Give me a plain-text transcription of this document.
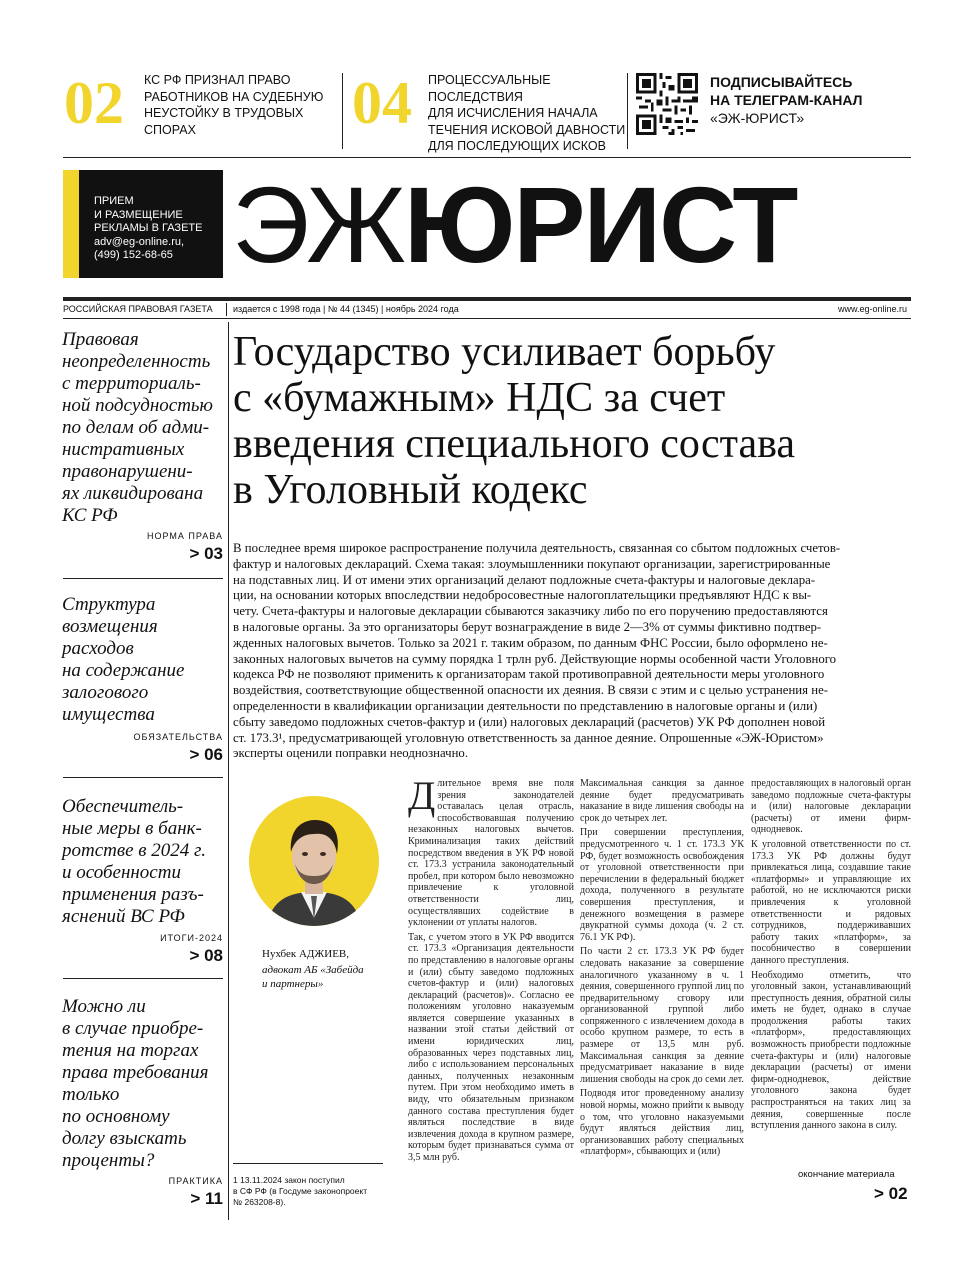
02 КС РФ ПРИЗНАЛ ПРАВО
РАБОТНИКОВ НА СУДЕБНУЮ
НЕУСТОЙКУ В ТРУДОВЫХ
СПОРАХ	04 ПРОЦЕССУАЛЬНЫЕ ПОСЛЕДСТВИЯ
ДЛЯ ИСЧИСЛЕНИЯ НАЧАЛА
ТЕЧЕНИЯ ИСКОВОЙ ДАВНОСТИ
ДЛЯ ПОСЛЕДУЮЩИХ ИСКОВ
ПОДПИСЫВАЙТЕСЬ
НА ТЕЛЕГРАМ-КАНАЛ
«ЭЖ-ЮРИСТ»
ПРИЕМ
И РАЗМЕЩЕНИЕ
РЕКЛАМЫ В ГАЗЕТЕ
adv@eg-online.ru,
(499) 152-68-65 ЭЖЮРИСТ
РОССИЙСКАЯ ПРАВОВАЯ ГАЗЕТА издается с 1998 года | № 44 (1345) | ноябрь 2024 года	www.eg-online.ru
Правовая
неопределенность
с территориаль-
ной подсудностью
по делам об адми-
нистративных
правонарушени-
ях ликвидирована
КС РФ
НОРМА ПРАВА
> 03
Структура
возмещения
расходов
на содержание
залогового
имущества
ОБЯЗАТЕЛЬСТВА
> 06
Обеспечитель-
ные меры в банк-
ротстве в 2024 г.
и особенности
применения разъ-
яснений ВС РФ
ИТОГИ-2024
> 08
Можно ли
в случае приобре-
тения на торгах
права требования
только
по основному
долгу взыскать
проценты?
ПРАКТИКА
> 11
Государство усиливает борьбу
с «бумажным» НДС за счет
введения специального состава
в Уголовный кодекс
В последнее время широкое распространение получила деятельность, связанная со сбытом подложных счетов-
фактур и налоговых деклараций. Схема такая: злоумышленники покупают организации, зарегистрированные
на подставных лиц. И от имени этих организаций делают подложные счета-фактуры и налоговые деклара-
ции, на основании которых впоследствии недобросовестные налогоплательщики предъявляют НДС к вы-
чету. Счета-фактуры и налоговые декларации сбываются заказчику либо по его поручению предоставляются
в налоговые органы. За это организаторы берут вознаграждение в виде 2—3% от суммы фиктивно подтвер-
жденных налоговых вычетов. Только за 2021 г. таким образом, по данным ФНС России, было оформлено не-
законных налоговых вычетов на сумму порядка 1 трлн руб. Действующие нормы особенной части Уголовного
кодекса РФ не позволяют применить к организаторам такой противоправной деятельности меры уголовного
воздействия, соответствующие общественной опасности их деяния. В связи с этим и с целью устранения не-
определенности в квалификации организации деятельности по представлению в налоговые органы и (или)
сбыту заведомо подложных счетов-фактур и (или) налоговых деклараций (расчетов) УК РФ дополнен новой
ст. 173.3¹, предусматривающей уголовную ответственность за данное деяние. Опрошенные «ЭЖ-Юристом»
эксперты оценили поправки неоднозначно.
Нухбек АДЖИЕВ,
адвокат АБ «Забейда
и партнеры»
1 13.11.2024 закон поступил
в СФ РФ (в Госдуме законопроект
№ 263208-8).

Длительное время вне поля зрения законодателей оставалась целая отрасль, способствовавшая получению незаконных налоговых вычетов. Криминализация таких действий посредством введения в УК РФ новой ст. 173.3 устранила законодательный пробел, при котором было невозможно привлечение к уголовной ответственности лиц, осуществлявших содействие в уклонении от уплаты налогов.

Так, с учетом этого в УК РФ вводится ст. 173.3 «Организация деятельности по представлению в налоговые органы и (или) сбыту заведомо подложных счетов-фактур и (или) налоговых деклараций (расчетов)». Согласно ее положениям уголовно наказуемым является совершение указанных в названии этой статьи действий от имени юридических лиц, образованных через подставных лиц, либо с использованием персональных данных, полученных незаконным путем. При этом необходимо иметь в виду, что обязательным признаком данного состава преступления будет являться последствие в виде извлечения дохода в крупном размере, которым будет признаваться сумма от 3,5 млн руб.

Максимальная санкция за данное деяние будет предусматривать наказание в виде лишения свободы на срок до четырех лет.

При совершении преступления, предусмотренного ч. 1 ст. 173.3 УК РФ, будет возможность освобождения от уголовной ответственности при перечислении в федеральный бюджет дохода, полученного в результате совершения преступления, и денежного возмещения в размере двукратной суммы дохода (ч. 2 ст. 76.1 УК РФ).

По части 2 ст. 173.3 УК РФ будет следовать наказание за совершение аналогичного указанному в ч. 1 деяния, совершенного группой лиц по предварительному сговору или организованной группой либо сопряженного с извлечением дохода в особо крупном размере, то есть в размере от 13,5 млн руб. Максимальная санкция за деяние предусматривает наказание в виде лишения свободы на срок до семи лет.

Подводя итог проведенному анализу новой нормы, можно прийти к выводу о том, что уголовно наказуемыми будут являться действия лиц, организовавших работу специальных «платформ», сбывающих и (или)

предоставляющих в налоговый орган заведомо подложные счета-фактуры и (или) налоговые декларации (расчеты) от имени фирм-однодневок.

К уголовной ответственности по ст. 173.3 УК РФ должны будут привлекаться лица, создавшие такие «платформы» и управляющие их работой, но не исключаются риски привлечения к уголовной ответственности и рядовых сотрудников, поддерживавших работу таких «платформ», за пособничество в совершении данного преступления.

Необходимо отметить, что уголовный закон, устанавливающий преступность деяния, обратной силы иметь не будет, однако в случае продолжения работы таких «платформ», предоставляющих возможность приобрести подложные счета-фактуры и (или) налоговые декларации (расчеты) от имени фирм-однодневок, действие уголовного закона будет распространяться на таких лиц за деяния, совершенные после вступления данного закона в силу.

окончание материала
> 02
